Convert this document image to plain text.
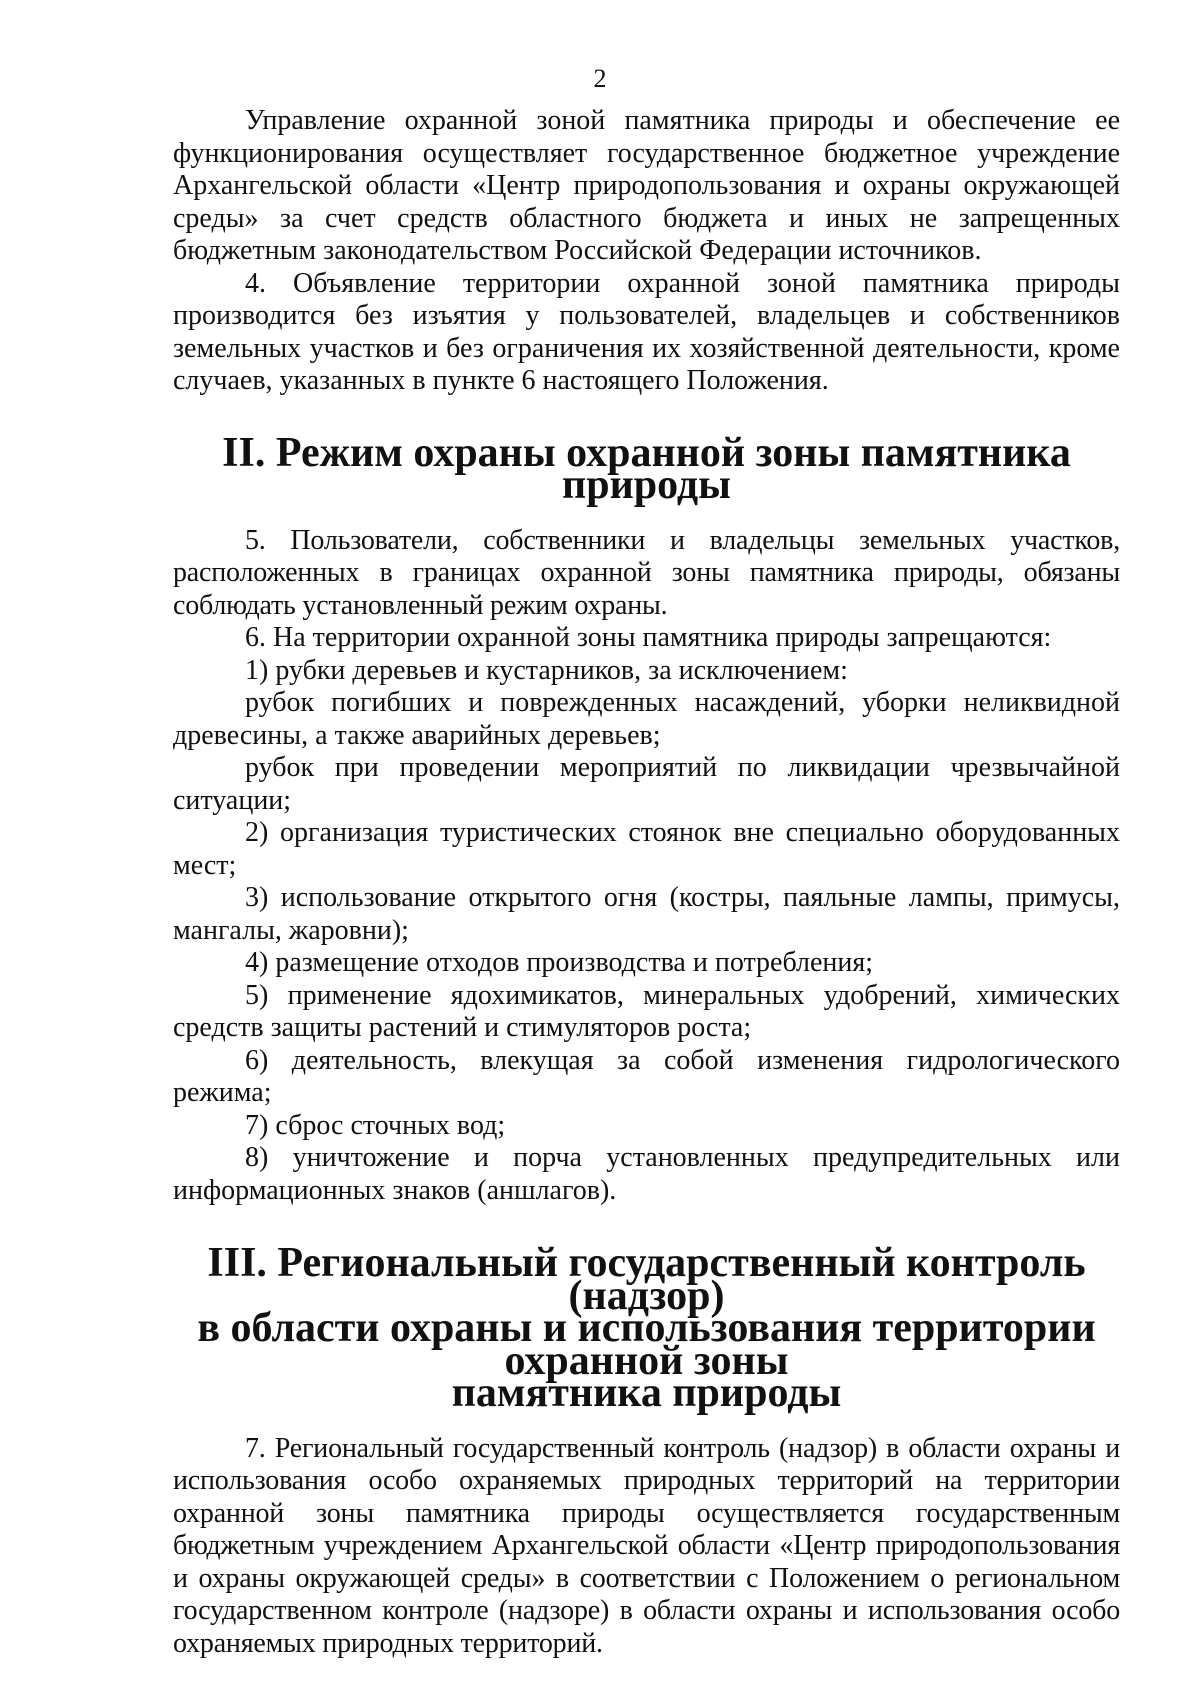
2

Управление охранной зоной памятника природы и обеспечение ее функционирования осуществляет государственное бюджетное учреждение Архангельской области «Центр природопользования и охраны окружающей среды» за счет средств областного бюджета и иных не запрещенных бюджетным законодательством Российской Федерации источников.

4. Объявление территории охранной зоной памятника природы производится без изъятия у пользователей, владельцев и собственников земельных участков и без ограничения их хозяйственной деятельности, кроме случаев, указанных в пункте 6 настоящего Положения.

II. Режим охраны охранной зоны памятника природы

5. Пользователи, собственники и владельцы земельных участков, расположенных в границах охранной зоны памятника природы, обязаны соблюдать установленный режим охраны.

6. На территории охранной зоны памятника природы запрещаются:

1) рубки деревьев и кустарников, за исключением:

рубок погибших и поврежденных насаждений, уборки неликвидной древесины, а также аварийных деревьев;

рубок при проведении мероприятий по ликвидации чрезвычайной ситуации;

2) организация туристических стоянок вне специально оборудованных мест;

3) использование открытого огня (костры, паяльные лампы, примусы, мангалы, жаровни);

4) размещение отходов производства и потребления;

5) применение ядохимикатов, минеральных удобрений, химических средств защиты растений и стимуляторов роста;

6) деятельность, влекущая за собой изменения гидрологического режима;

7) сброс сточных вод;

8) уничтожение и порча установленных предупредительных или информационных знаков (аншлагов).

III. Региональный государственный контроль (надзор)
в области охраны и использования территории охранной зоны
памятника природы

7. Региональный государственный контроль (надзор) в области охраны и использования особо охраняемых природных территорий на территории охранной зоны памятника природы осуществляется государственным бюджетным учреждением Архангельской области «Центр природопользования и охраны окружающей среды» в соответствии с Положением о региональном государственном контроле (надзоре) в области охраны и использования особо охраняемых природных территорий.
